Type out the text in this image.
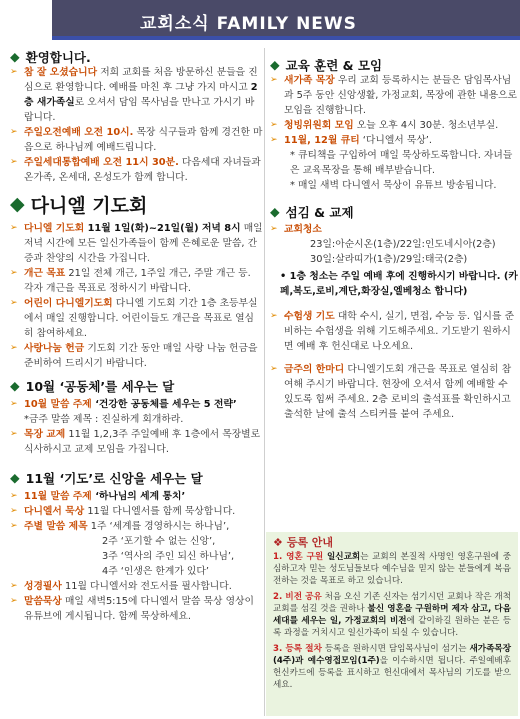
교회소식 FAMILY NEWS
◆ 환영합니다.
➢ 참 잘 오셨습니다 저희 교회를 처음 방문하신 분들을 진심으로 환영합니다. 예배를 마친 후 그냥 가지 마시고 2층 새가족실로 오셔서 담임 목사님을 만나고 가시기 바랍니다.
➢ 주일오전예배 오전 10시. 목장 식구들과 함께 경건한 마음으로 하나님께 예배드립니다.
➢ 주일세대통합예배 오전 11시 30분. 다음세대 자녀들과 온가족, 온세대, 온성도가 함께 합니다.
◆ 다니엘 기도회
➢ 다니엘 기도회 11월 1일(화)~21일(월) 저녁 8시 매일 저녁 시간에 모든 일신가족들이 함께 은혜로운 말씀, 간증과 찬양의 시간을 가집니다.
➢ 개근 목표 21일 전체 개근, 1주일 개근, 주말 개근 등. 각자 개근을 목표로 정하시기 바랍니다.
➢ 어린이 다니엘기도회 다니엘 기도회 기간 1층 초등부실에서 매일 진행합니다. 어린이들도 개근을 목표로 열심히 참여하세요.
➢ 사랑나눔 헌금 기도회 기간 동안 매일 사랑 나눔 헌금을 준비하여 드리시기 바랍니다.
◆ 10월 ‘공동체’를 세우는 달
➢ 10월 말씀 주제 ‘건강한 공동체를 세우는 5 전략’
*금주 말씀 제목 : 진실하게 회개하라.
➢ 목장 교제 11월 1,2,3주 주일예배 후 1층에서 목장별로 식사하시고 교제 모임을 가집니다.
◆ 11월 ‘기도’로 신앙을 세우는 달
➢ 11월 말씀 주제 ‘하나님의 세계 통치’
➢ 다니엘서 묵상 11월 다니엘서를 함께 묵상합니다.
➢ 주별 말씀 제목 1주 ‘세계를 경영하시는 하나님’,
2주 ‘포기할 수 없는 신앙’,
3주 ‘역사의 주인 되신 하나님’,
4주 ‘인생은 한계가 있다’
➢ 성경필사 11월 다니엘서와 전도서를 필사합니다.
➢ 말씀묵상 매일 새벽5:15에 다니엘서 말씀 묵상 영상이 유튜브에 게시됩니다. 함께 묵상하세요.
◆ 교육 훈련 & 모임
➢ 새가족 목장 우리 교회 등록하시는 분들은 담임목사님과 5주 동안 신앙생활, 가정교회, 목장에 관한 내용으로 모임을 진행합니다.
➢ 청빙위원회 모임 오늘 오후 4시 30분. 청소년부실.
➢ 11월, 12월 큐티 ‘다니엘서 묵상’.
* 큐티책을 구입하여 매일 묵상하도록합니다. 자녀들은 교육목장을 통해 배부받습니다.
* 매일 새벽 다니엘서 묵상이 유튜브 방송됩니다.
◆ 섬김 & 교제
➢ 교회청소
23일:아순시온(1층)/22일:인도네시아(2층)
30일:살라띠가(1층)/29일:태국(2층)
• 1층 청소는 주일 예배 후에 진행하시기 바랍니다. (카페,복도,로비,계단,화장실,엘베청소 합니다)
➢ 수험생 기도 대학 수시, 실기, 면접, 수능 등. 입시를 준비하는 수험생을 위해 기도해주세요. 기도받기 원하시면 예배 후 헌신대로 나오세요.
➢ 금주의 한마디 다니엘기도회 개근을 목표로 열심히 참여해 주시기 바랍니다. 현장에 오셔서 함께 예배할 수 있도록 힘써 주세요. 2층 로비의 출석표를 확인하시고 출석한 날에 출석 스티커를 붙여 주세요.
❖ 등록 안내

1. 영혼 구원 일신교회는 교회의 본질적 사명인 영혼구원에 중심하고자 믿는 성도님들보다 예수님을 믿지 않는 분들에게 복음 전하는 것을 목표로 하고 있습니다.

2. 비전 공유 처음 오신 기존 신자는 섬기시던 교회나 작은 개척교회를 섬길 것을 권하나 불신 영혼을 구원하며 제자 삼고, 다음 세대를 세우는 일, 가정교회의 비전에 같이하길 원하는 분은 등록 과정을 거치시고 일신가족이 되실 수 있습니다.

3. 등록 절차 등록을 원하시면 담임목사님이 섬기는 새가족목장(4주)과 예수영접모임(1주)을 이수하시면 됩니다. 주일예배후 헌신카드에 등록을 표시하고 헌신대에서 목사님의 기도를 받으세요.
